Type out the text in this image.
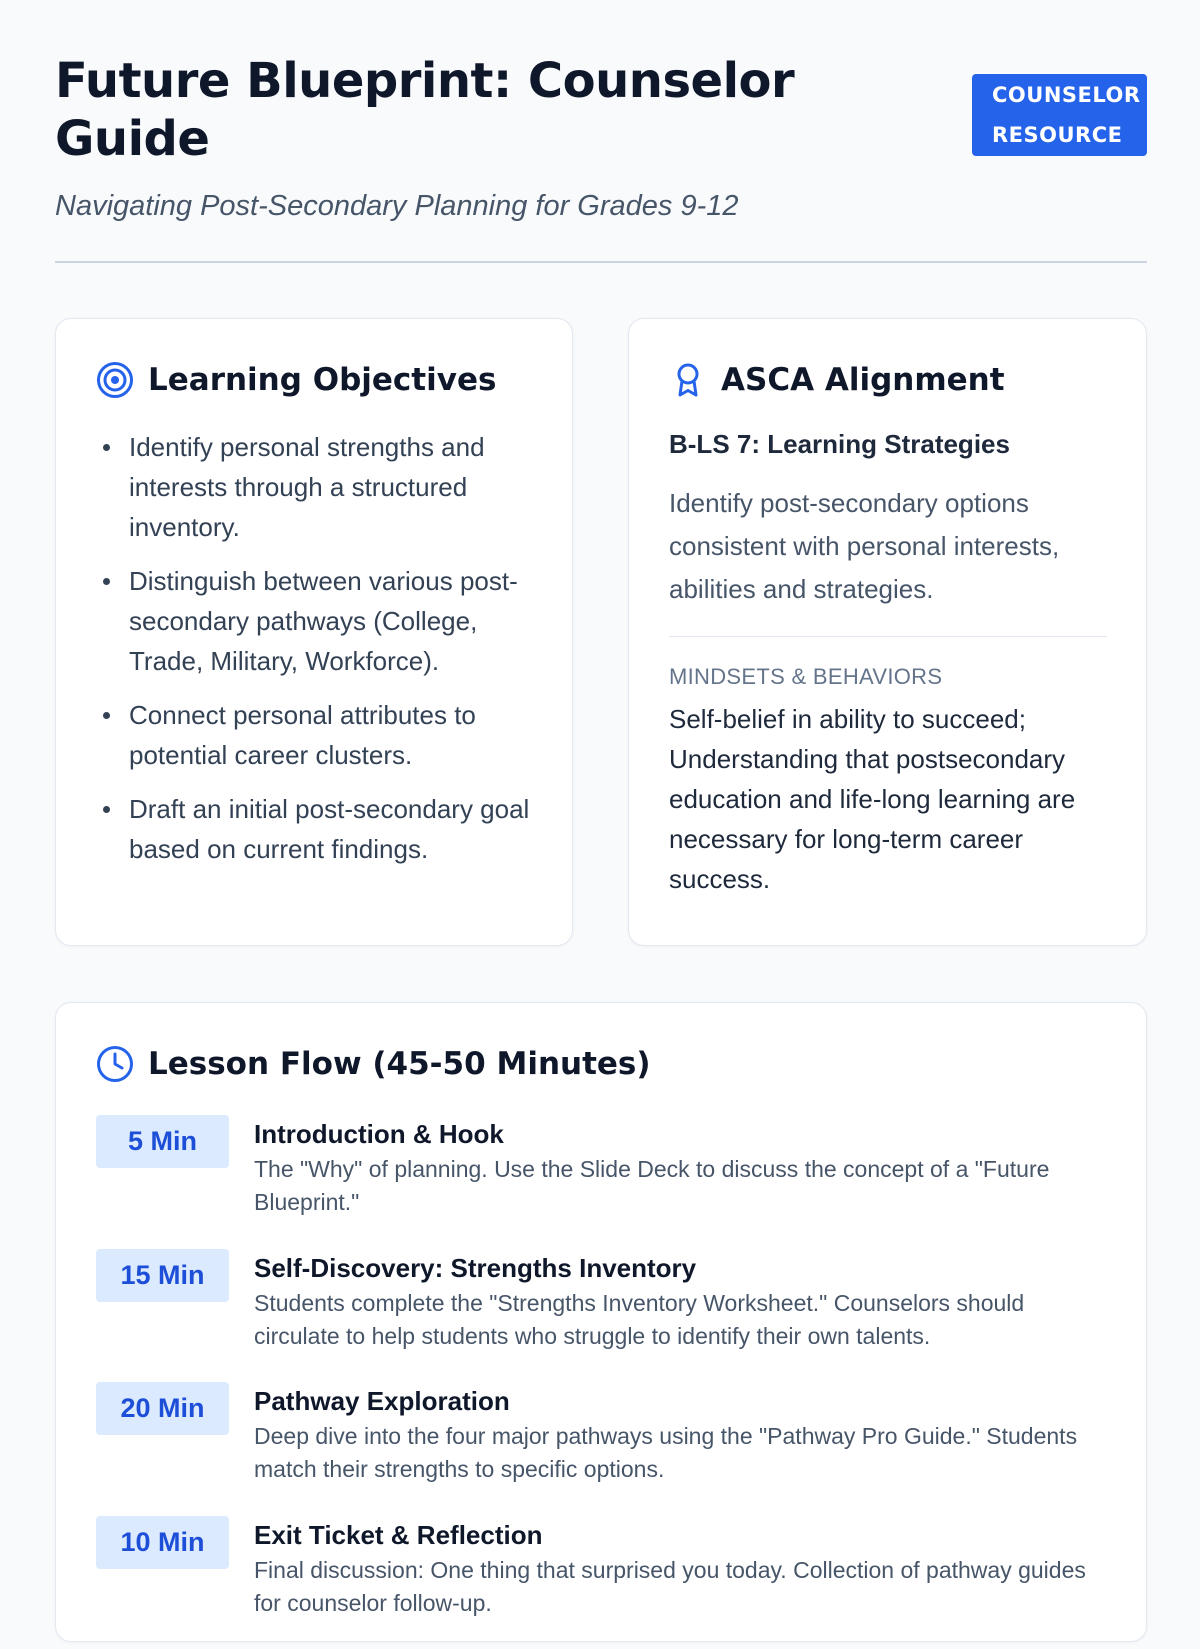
Future Blueprint: Counselor Guide
COUNSELOR
RESOURCE

Navigating Post-Secondary Planning for Grades 9-12

Learning Objectives
Identify personal strengths and interests through a structured inventory.
Distinguish between various post-secondary pathways (College, Trade, Military, Workforce).
Connect personal attributes to potential career clusters.
Draft an initial post-secondary goal based on current findings.
ASCA Alignment
B-LS 7: Learning Strategies

Identify post-secondary options consistent with personal interests, abilities and strategies.

MINDSETS & BEHAVIORS

Self-belief in ability to succeed; Understanding that postsecondary education and life-long learning are necessary for long-term career success.

Lesson Flow (45-50 Minutes)
5 Min	Introduction & Hook
The "Why" of planning. Use the Slide Deck to discuss the concept of a "Future Blueprint."
15 Min	Self-Discovery: Strengths Inventory
Students complete the "Strengths Inventory Worksheet." Counselors should circulate to help students who struggle to identify their own talents.
20 Min	Pathway Exploration
Deep dive into the four major pathways using the "Pathway Pro Guide." Students match their strengths to specific options.
10 Min	Exit Ticket & Reflection
Final discussion: One thing that surprised you today. Collection of pathway guides for counselor follow-up.
